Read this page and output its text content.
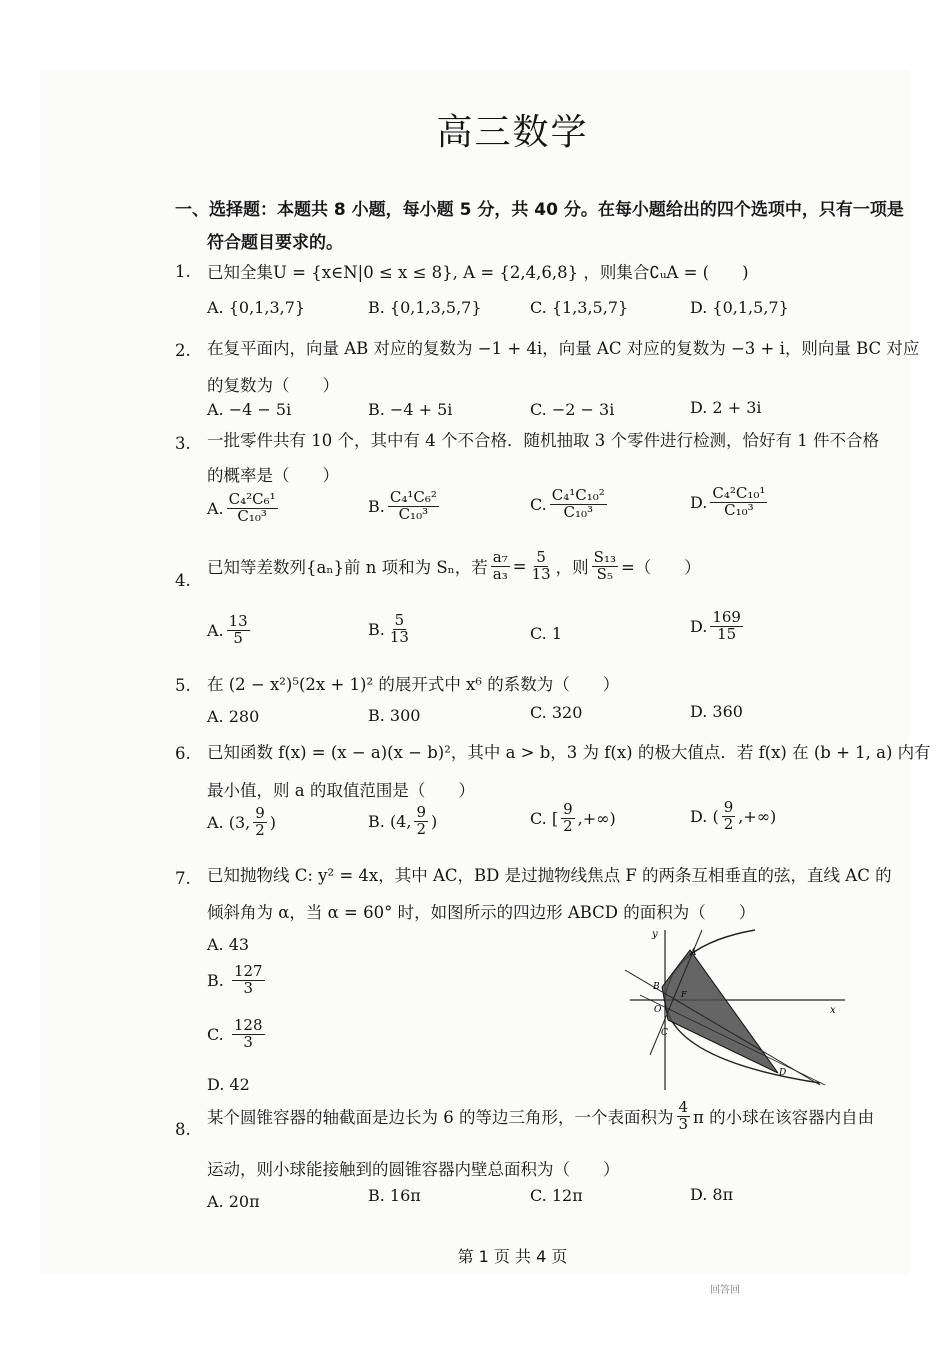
高三数学
一、选择题：本题共 8 小题，每小题 5 分，共 40 分。在每小题给出的四个选项中，只有一项是
符合题目要求的。
1. 已知全集U = {x∈N|0 ≤ x ≤ 8}, A = {2,4,6,8} ，则集合∁ᵤA = (　　)
A. {0,1,3,7}	B. {0,1,3,5,7}	C. {1,3,5,7}	D. {0,1,5,7}
2. 在复平面内，向量 AB 对应的复数为 −1 + 4i，向量 AC 对应的复数为 −3 + i，则向量 BC 对应
的复数为（　　）
A. −4 − 5i	B. −4 + 5i	C. −2 − 3i	D. 2 + 3i
3. 一批零件共有 10 个，其中有 4 个不合格．随机抽取 3 个零件进行检测，恰好有 1 件不合格
的概率是（　　）
A. $\frac{\text{C₄²C₆¹}}{\text{C₁₀³}}$	B. $\frac{\text{C₄¹C₆²}}{\text{C₁₀³}}$	C. $\frac{\text{C₄¹C₁₀²}}{\text{C₁₀³}}$	D. $\frac{\text{C₄²C₁₀¹}}{\text{C₁₀³}}$
4.
已知等差数列{aₙ}前 n 项和为 Sₙ，若 $\frac{\text{a₇}}{\text{a₃}} = \frac{5}{13}$ ，则 $\frac{\text{S₁₃}}{\text{S₅}}$ =（　　）
A. $\frac{13}{5}$	B. $\frac{5}{13}$	C. 1	D. $\frac{169}{15}$
5. 在 (2 − x²)⁵(2x + 1)² 的展开式中 x⁶ 的系数为（　　）
A. 280	B. 300	C. 320	D. 360
6. 已知函数 f(x) = (x − a)(x − b)²，其中 a > b，3 为 f(x) 的极大值点．若 f(x) 在 (b + 1, a) 内有
最小值，则 a 的取值范围是（　　）
A.
(3, $\frac{9}{2}$ )	B.
(4, $\frac{9}{2}$ )	C.
[ $\frac{9}{2}$ ,+∞)	D.
( $\frac{9}{2}$ ,+∞)
7. 已知抛物线 C: y² = 4x，其中 AC，BD 是过抛物线焦点 F 的两条互相垂直的弦，直线 AC 的
倾斜角为 α，当 α = 60° 时，如图所示的四边形 ABCD 的面积为（　　）
A. 43
B.
$\frac{127}{3}$
C.
$\frac{128}{3}$
D. 42
y
x
A
B
C
D
O
F
8.
某个圆锥容器的轴截面是边长为 6 的等边三角形，一个表面积为 $\frac{4}{3}$ π 的小球在该容器内自由
运动，则小球能接触到的圆锥容器内壁总面积为（　　）
A. 20π	B. 16π	C. 12π	D. 8π
第 1 页 共 4 页
回答回
